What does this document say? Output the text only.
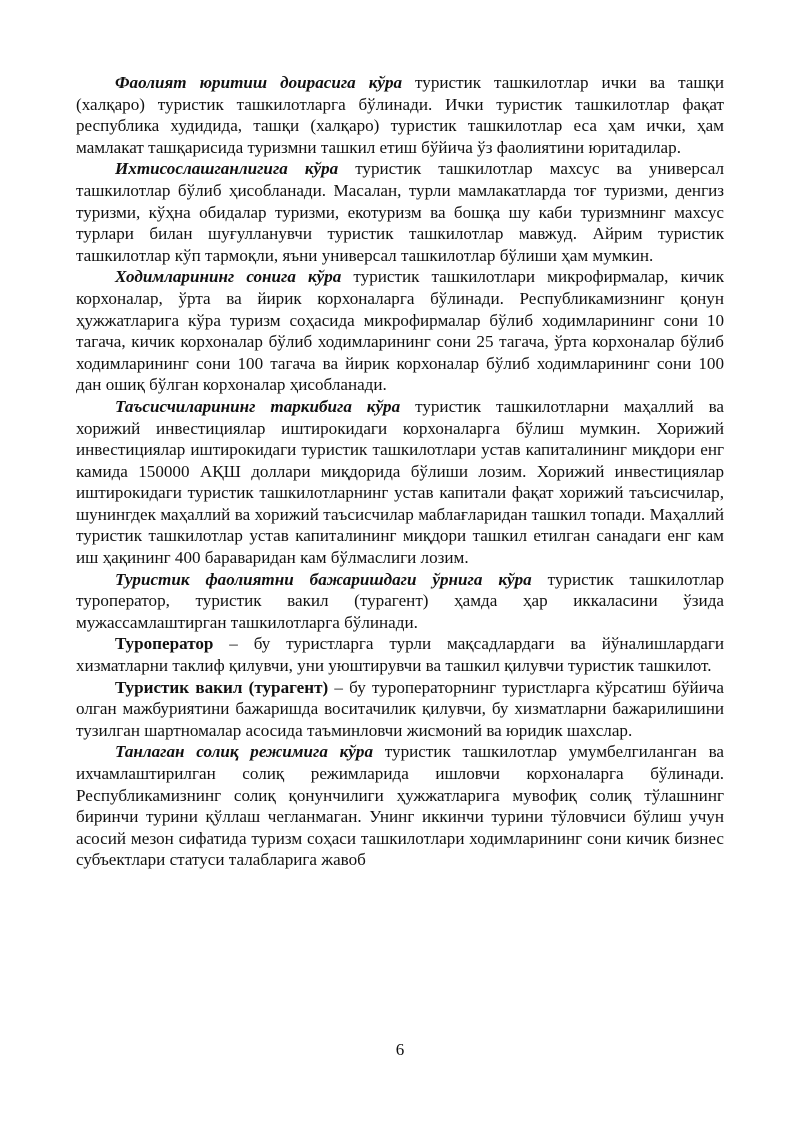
Фаолият юритиш доирасига кўра туристик ташкилотлар ички ва ташқи (халқаро) туристик ташкилотларга бўлинади. Ички туристик ташкилотлар фақат республика худидида, ташқи (халқаро) туристик ташкилотлар еса ҳам ички, ҳам мамлакат ташқарисида туризмни ташкил етиш бўйича ўз фаолиятини юритадилар.

Ихтисослашганлигига кўра туристик ташкилотлар махсус ва универсал ташкилотлар бўлиб ҳисобланади. Масалан, турли мамлакатларда тоғ туризми, денгиз туризми, кўҳна обидалар туризми, екотуризм ва бошқа шу каби туризмнинг махсус турлари билан шуғулланувчи туристик ташкилотлар мавжуд. Айрим туристик ташкилотлар кўп тармоқли, яъни универсал ташкилотлар бўлиши ҳам мумкин.

Ходимларининг сонига кўра туристик ташкилотлари микрофирмалар, кичик корхоналар, ўрта ва йирик корхоналарга бўлинади. Республикамизнинг қонун ҳужжатларига кўра туризм соҳасида микрофирмалар бўлиб ходимларининг сони 10 тагача, кичик корхоналар бўлиб ходимларининг сони 25 тагача, ўрта корхоналар бўлиб ходимларининг сони 100 тагача ва йирик корхоналар бўлиб ходимларининг сони 100 дан ошиқ бўлган корхоналар ҳисобланади.

Таъсисчиларининг таркибига кўра туристик ташкилотларни маҳаллий ва хорижий инвестициялар иштирокидаги корхоналарга бўлиш мумкин. Хорижий инвестициялар иштирокидаги туристик ташкилотлари устав капиталининг миқдори енг камида 150000 АҚШ доллари миқдорида бўлиши лозим. Хорижий инвестициялар иштирокидаги туристик ташкилотларнинг устав капитали фақат хорижий таъсисчилар, шунингдек маҳаллий ва хорижий таъсисчилар маблағларидан ташкил топади. Маҳаллий туристик ташкилотлар устав капиталининг миқдори ташкил етилган санадаги енг кам иш ҳақининг 400 бараваридан кам бўлмаслиги лозим.

Туристик фаолиятни бажаришдаги ўрнига кўра туристик ташкилотлар туроператор, туристик вакил (турагент) ҳамда ҳар иккаласини ўзида мужассамлаштирган ташкилотларга бўлинади.

Туроператор – бу туристларга турли мақсадлардаги ва йўналишлардаги хизматларни таклиф қилувчи, уни уюштирувчи ва ташкил қилувчи туристик ташкилот.

Туристик вакил (турагент) – бу туроператорнинг туристларга кўрсатиш бўйича олган мажбуриятини бажаришда воситачилик қилувчи, бу хизматларни бажарилишини тузилган шартномалар асосида таъминловчи жисмоний ва юридик шахслар.

Танлаган солиқ режимига кўра туристик ташкилотлар умумбелгиланган ва ихчамлаштирилган солиқ режимларида ишловчи корхоналарга бўлинади. Республикамизнинг солиқ қонунчилиги ҳужжатларига мувофиқ солиқ тўлашнинг биринчи турини қўллаш чегланмаган. Унинг иккинчи турини тўловчиси бўлиш учун асосий мезон сифатида туризм соҳаси ташкилотлари ходимларининг сони кичик бизнес субъектлари статуси талабларига жавоб

6
